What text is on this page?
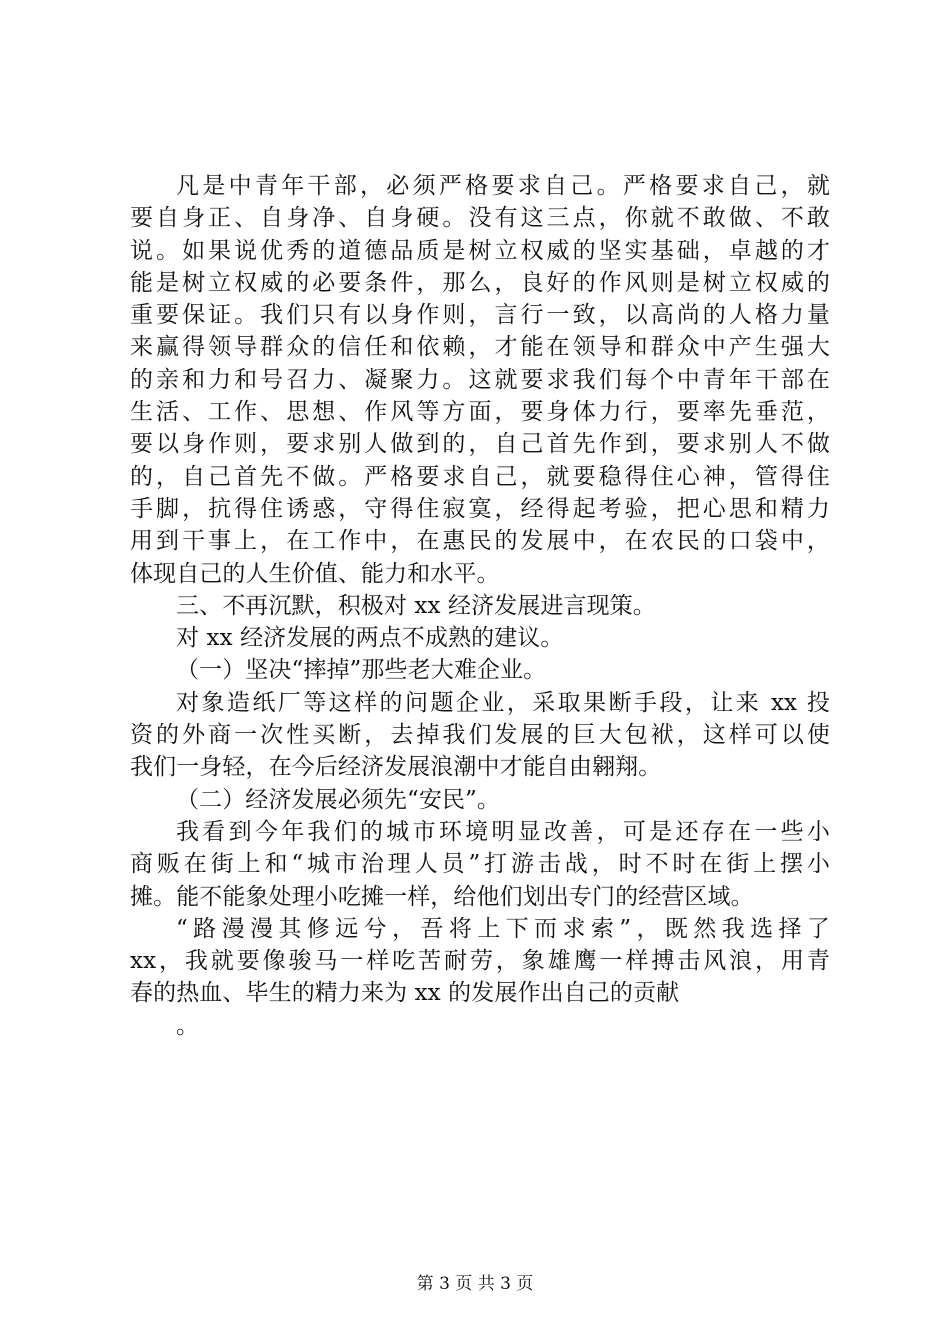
凡是中青年干部，必须严格要求自己。严格要求自己，就
要自身正、自身净、自身硬。没有这三点，你就不敢做、不敢
说。如果说优秀的道德品质是树立权威的坚实基础，卓越的才
能是树立权威的必要条件，那么，良好的作风则是树立权威的
重要保证。我们只有以身作则，言行一致，以高尚的人格力量
来赢得领导群众的信任和依赖，才能在领导和群众中产生强大
的亲和力和号召力、凝聚力。这就要求我们每个中青年干部在
生活、工作、思想、作风等方面，要身体力行，要率先垂范，
要以身作则，要求别人做到的，自己首先作到，要求别人不做
的，自己首先不做。严格要求自己，就要稳得住心神，管得住
手脚，抗得住诱惑，守得住寂寞，经得起考验，把心思和精力
用到干事上，在工作中，在惠民的发展中，在农民的口袋中，
体现自己的人生价值、能力和水平。
三、不再沉默，积极对 xx 经济发展进言现策。
对 xx 经济发展的两点不成熟的建议。
（一）坚决“摔掉”那些老大难企业。
对象造纸厂等这样的问题企业，采取果断手段，让来 xx 投
资的外商一次性买断，去掉我们发展的巨大包袱，这样可以使
我们一身轻，在今后经济发展浪潮中才能自由翱翔。
（二）经济发展必须先“安民”。
我看到今年我们的城市环境明显改善，可是还存在一些小
商贩在街上和“城市治理人员”打游击战，时不时在街上摆小
摊。能不能象处理小吃摊一样，给他们划出专门的经营区域。
“路漫漫其修远兮，吾将上下而求索”，既然我选择了
xx，我就要像骏马一样吃苦耐劳，象雄鹰一样搏击风浪，用青
春的热血、毕生的精力来为 xx 的发展作出自己的贡献
。
第 3 页 共 3 页
